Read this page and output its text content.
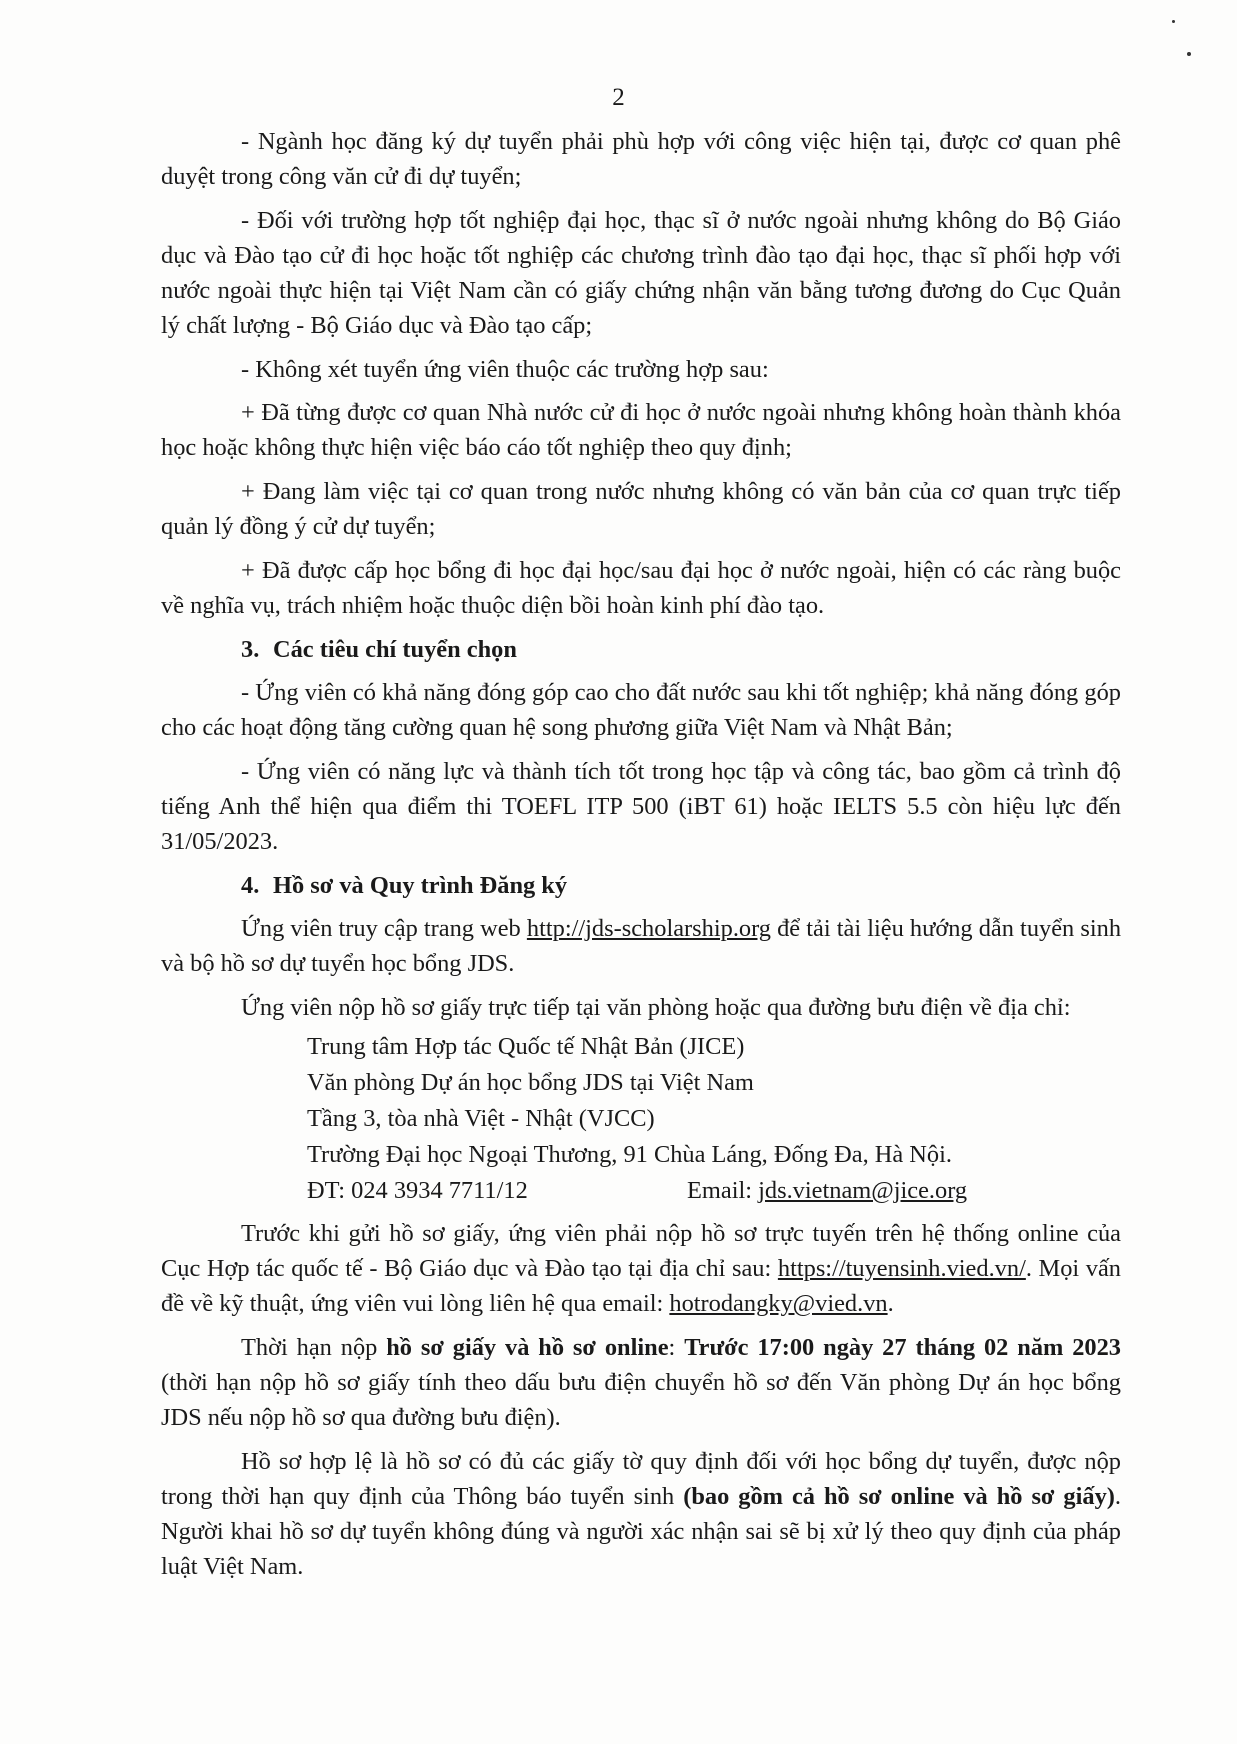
2

- Ngành học đăng ký dự tuyển phải phù hợp với công việc hiện tại, được cơ quan phê duyệt trong công văn cử đi dự tuyển;

- Đối với trường hợp tốt nghiệp đại học, thạc sĩ ở nước ngoài nhưng không do Bộ Giáo dục và Đào tạo cử đi học hoặc tốt nghiệp các chương trình đào tạo đại học, thạc sĩ phối hợp với nước ngoài thực hiện tại Việt Nam cần có giấy chứng nhận văn bằng tương đương do Cục Quản lý chất lượng - Bộ Giáo dục và Đào tạo cấp;

- Không xét tuyển ứng viên thuộc các trường hợp sau:

+ Đã từng được cơ quan Nhà nước cử đi học ở nước ngoài nhưng không hoàn thành khóa học hoặc không thực hiện việc báo cáo tốt nghiệp theo quy định;

+ Đang làm việc tại cơ quan trong nước nhưng không có văn bản của cơ quan trực tiếp quản lý đồng ý cử dự tuyển;

+ Đã được cấp học bổng đi học đại học/sau đại học ở nước ngoài, hiện có các ràng buộc về nghĩa vụ, trách nhiệm hoặc thuộc diện bồi hoàn kinh phí đào tạo.

3. Các tiêu chí tuyển chọn

- Ứng viên có khả năng đóng góp cao cho đất nước sau khi tốt nghiệp; khả năng đóng góp cho các hoạt động tăng cường quan hệ song phương giữa Việt Nam và Nhật Bản;

- Ứng viên có năng lực và thành tích tốt trong học tập và công tác, bao gồm cả trình độ tiếng Anh thể hiện qua điểm thi TOEFL ITP 500 (iBT 61) hoặc IELTS 5.5 còn hiệu lực đến 31/05/2023.

4. Hồ sơ và Quy trình Đăng ký

Ứng viên truy cập trang web http://jds-scholarship.org để tải tài liệu hướng dẫn tuyển sinh và bộ hồ sơ dự tuyển học bổng JDS.

Ứng viên nộp hồ sơ giấy trực tiếp tại văn phòng hoặc qua đường bưu điện về địa chỉ:

Trung tâm Hợp tác Quốc tế Nhật Bản (JICE)
Văn phòng Dự án học bổng JDS tại Việt Nam
Tầng 3, tòa nhà Việt - Nhật (VJCC)
Trường Đại học Ngoại Thương, 91 Chùa Láng, Đống Đa, Hà Nội.
ĐT: 024 3934 7711/12	Email: jds.vietnam@jice.org

Trước khi gửi hồ sơ giấy, ứng viên phải nộp hồ sơ trực tuyến trên hệ thống online của Cục Hợp tác quốc tế - Bộ Giáo dục và Đào tạo tại địa chỉ sau: https://tuyensinh.vied.vn/. Mọi vấn đề về kỹ thuật, ứng viên vui lòng liên hệ qua email: hotrodangky@vied.vn.

Thời hạn nộp hồ sơ giấy và hồ sơ online: Trước 17:00 ngày 27 tháng 02 năm 2023 (thời hạn nộp hồ sơ giấy tính theo dấu bưu điện chuyển hồ sơ đến Văn phòng Dự án học bổng JDS nếu nộp hồ sơ qua đường bưu điện).

Hồ sơ hợp lệ là hồ sơ có đủ các giấy tờ quy định đối với học bổng dự tuyển, được nộp trong thời hạn quy định của Thông báo tuyển sinh (bao gồm cả hồ sơ online và hồ sơ giấy). Người khai hồ sơ dự tuyển không đúng và người xác nhận sai sẽ bị xử lý theo quy định của pháp luật Việt Nam.
